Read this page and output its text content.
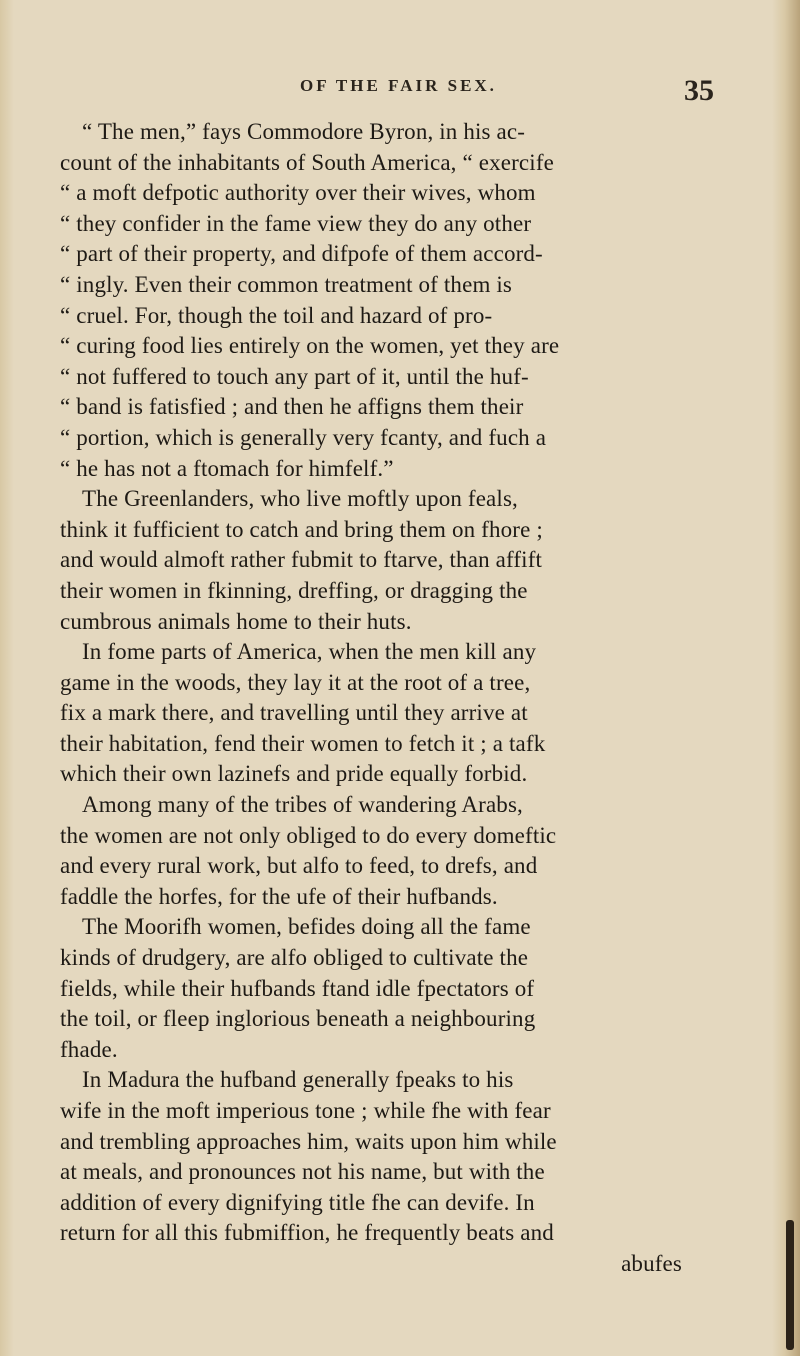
OF THE FAIR SEX.	35

“ The men,” fays Commodore Byron, in his ac-

count of the inhabitants of South America, “ exercife

“ a moft defpotic authority over their wives, whom

“ they confider in the fame view they do any other

“ part of their property, and difpofe of them accord-

“ ingly. Even their common treatment of them is

“ cruel. For, though the toil and hazard of pro-

“ curing food lies entirely on the women, yet they are

“ not fuffered to touch any part of it, until the huf-

“ band is fatisfied ; and then he affigns them their

“ portion, which is generally very fcanty, and fuch a

“ he has not a ftomach for himfelf.”

The Greenlanders, who live moftly upon feals,

think it fufficient to catch and bring them on fhore ;

and would almoft rather fubmit to ftarve, than affift

their women in fkinning, dreffing, or dragging the

cumbrous animals home to their huts.

In fome parts of America, when the men kill any

game in the woods, they lay it at the root of a tree,

fix a mark there, and travelling until they arrive at

their habitation, fend their women to fetch it ; a tafk

which their own lazinefs and pride equally forbid.

Among many of the tribes of wandering Arabs,

the women are not only obliged to do every domeftic

and every rural work, but alfo to feed, to drefs, and

faddle the horfes, for the ufe of their hufbands.

The Moorifh women, befides doing all the fame

kinds of drudgery, are alfo obliged to cultivate the

fields, while their hufbands ftand idle fpectators of

the toil, or fleep inglorious beneath a neighbouring

fhade.

In Madura the hufband generally fpeaks to his

wife in the moft imperious tone ; while fhe with fear

and trembling approaches him, waits upon him while

at meals, and pronounces not his name, but with the

addition of every dignifying title fhe can devife. In

return for all this fubmiffion, he frequently beats and

abufes
